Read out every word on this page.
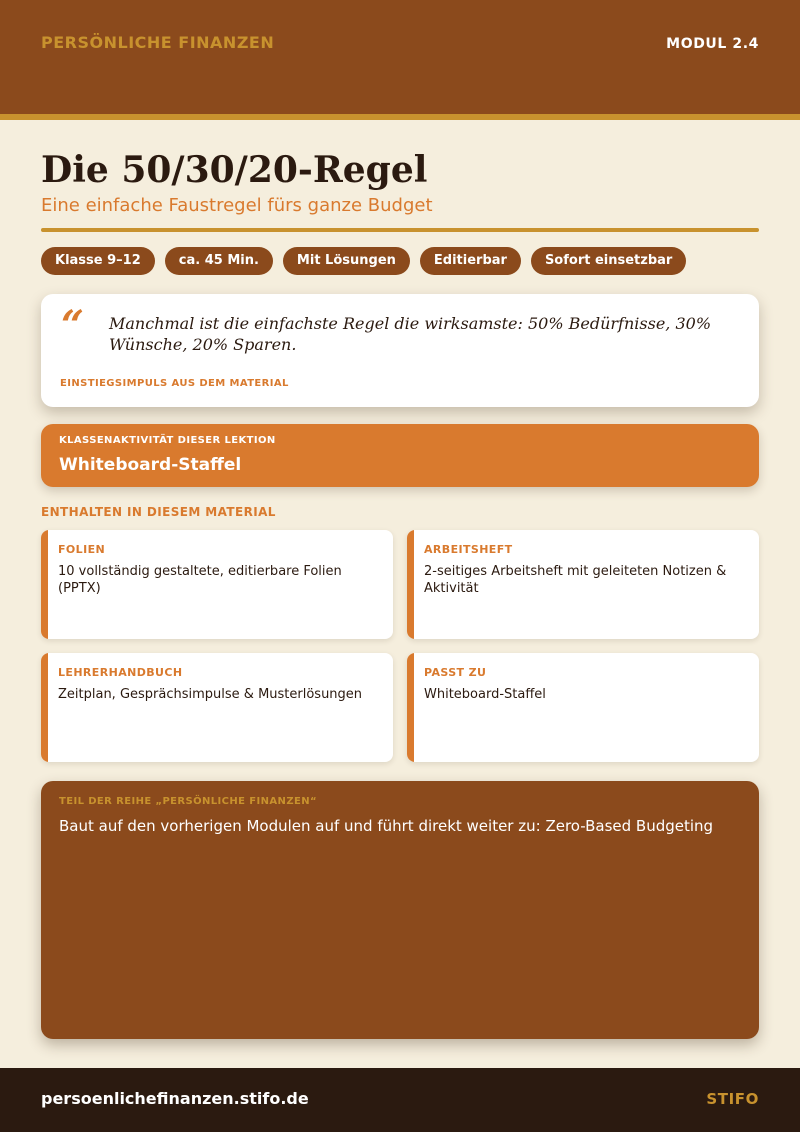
PERSÖNLICHE FINANZEN	MODUL 2.4
Die 50/30/20-Regel
Eine einfache Faustregel fürs ganze Budget
Klasse 9–12	ca. 45 Min.	Mit Lösungen	Editierbar	Sofort einsetzbar
“ Manchmal ist die einfachste Regel die wirksamste: 50% Bedürfnisse, 30% Wünsche, 20% Sparen.
EINSTIEGSIMPULS AUS DEM MATERIAL
KLASSENAKTIVITÄT DIESER LEKTION
Whiteboard-Staffel
ENTHALTEN IN DIESEM MATERIAL
FOLIEN
10 vollständig gestaltete, editierbare Folien (PPTX)
ARBEITSHEFT
2-seitiges Arbeitsheft mit geleiteten Notizen & Aktivität
LEHRERHANDBUCH
Zeitplan, Gesprächsimpulse & Musterlösungen
PASST ZU
Whiteboard-Staffel
TEIL DER REIHE „PERSÖNLICHE FINANZEN“
Baut auf den vorherigen Modulen auf und führt direkt weiter zu: Zero-Based Budgeting
persoenlichefinanzen.stifo.de	STIFO
